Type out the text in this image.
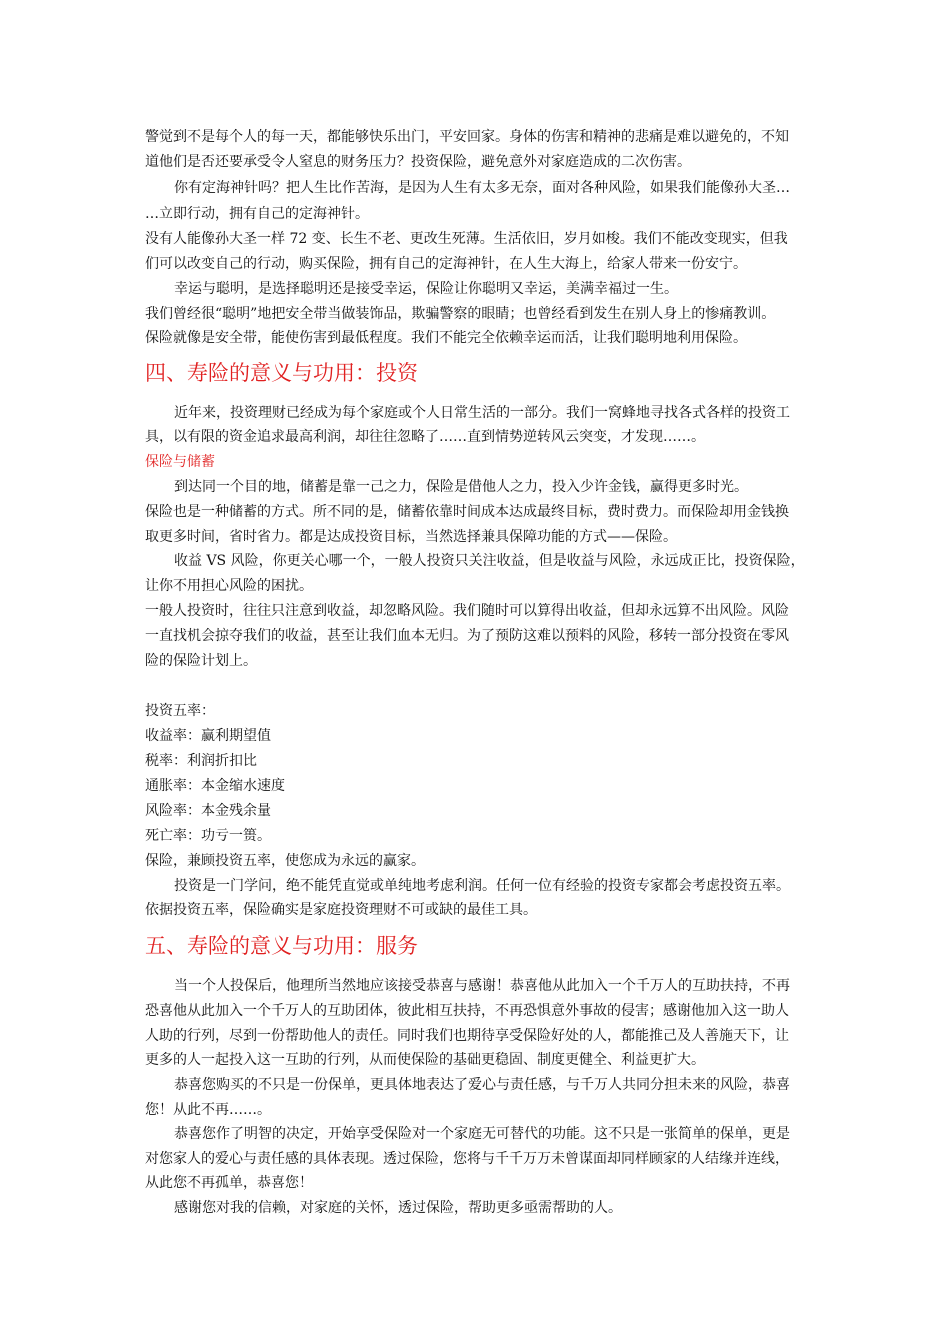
警觉到不是每个人的每一天，都能够快乐出门，平安回家。身体的伤害和精神的悲痛是难以避免的，不知
道他们是否还要承受令人窒息的财务压力？投资保险，避免意外对家庭造成的二次伤害。
你有定海神针吗？把人生比作苦海，是因为人生有太多无奈，面对各种风险，如果我们能像孙大圣…
…立即行动，拥有自己的定海神针。
没有人能像孙大圣一样 72 变、长生不老、更改生死薄。生活依旧，岁月如梭。我们不能改变现实，但我
们可以改变自己的行动，购买保险，拥有自己的定海神针，在人生大海上，给家人带来一份安宁。
幸运与聪明，是选择聪明还是接受幸运，保险让你聪明又幸运，美满幸福过一生。
我们曾经很“聪明”地把安全带当做装饰品，欺骗警察的眼睛；也曾经看到发生在别人身上的惨痛教训。
保险就像是安全带，能使伤害到最低程度。我们不能完全依赖幸运而活，让我们聪明地利用保险。
四、寿险的意义与功用：投资
近年来，投资理财已经成为每个家庭或个人日常生活的一部分。我们一窝蜂地寻找各式各样的投资工
具，以有限的资金追求最高利润，却往往忽略了……直到情势逆转风云突变，才发现……。
保险与储蓄
到达同一个目的地，储蓄是靠一己之力，保险是借他人之力，投入少许金钱，赢得更多时光。
保险也是一种储蓄的方式。所不同的是，储蓄依靠时间成本达成最终目标，费时费力。而保险却用金钱换
取更多时间，省时省力。都是达成投资目标，当然选择兼具保障功能的方式——保险。
收益 VS 风险，你更关心哪一个，一般人投资只关注收益，但是收益与风险，永远成正比，投资保险，
让你不用担心风险的困扰。
一般人投资时，往往只注意到收益，却忽略风险。我们随时可以算得出收益，但却永远算不出风险。风险
一直找机会掠夺我们的收益，甚至让我们血本无归。为了预防这难以预料的风险，移转一部分投资在零风
险的保险计划上。
投资五率：
收益率：赢利期望值
税率：利润折扣比
通胀率：本金缩水速度
风险率：本金残余量
死亡率：功亏一篑。
保险，兼顾投资五率，使您成为永远的赢家。
投资是一门学问，绝不能凭直觉或单纯地考虑利润。任何一位有经验的投资专家都会考虑投资五率。
依据投资五率，保险确实是家庭投资理财不可或缺的最佳工具。
五、寿险的意义与功用：服务
当一个人投保后，他理所当然地应该接受恭喜与感谢！恭喜他从此加入一个千万人的互助扶持，不再
恐喜他从此加入一个千万人的互助团体，彼此相互扶持，不再恐惧意外事故的侵害；感谢他加入这一助人
人助的行列，尽到一份帮助他人的责任。同时我们也期待享受保险好处的人，都能推己及人善施天下，让
更多的人一起投入这一互助的行列，从而使保险的基础更稳固、制度更健全、利益更扩大。
恭喜您购买的不只是一份保单，更具体地表达了爱心与责任感，与千万人共同分担未来的风险，恭喜
您！从此不再……。
恭喜您作了明智的决定，开始享受保险对一个家庭无可替代的功能。这不只是一张简单的保单，更是
对您家人的爱心与责任感的具体表现。透过保险，您将与千千万万未曾谋面却同样顾家的人结缘并连线，
从此您不再孤单，恭喜您！
感谢您对我的信赖，对家庭的关怀，透过保险，帮助更多亟需帮助的人。
